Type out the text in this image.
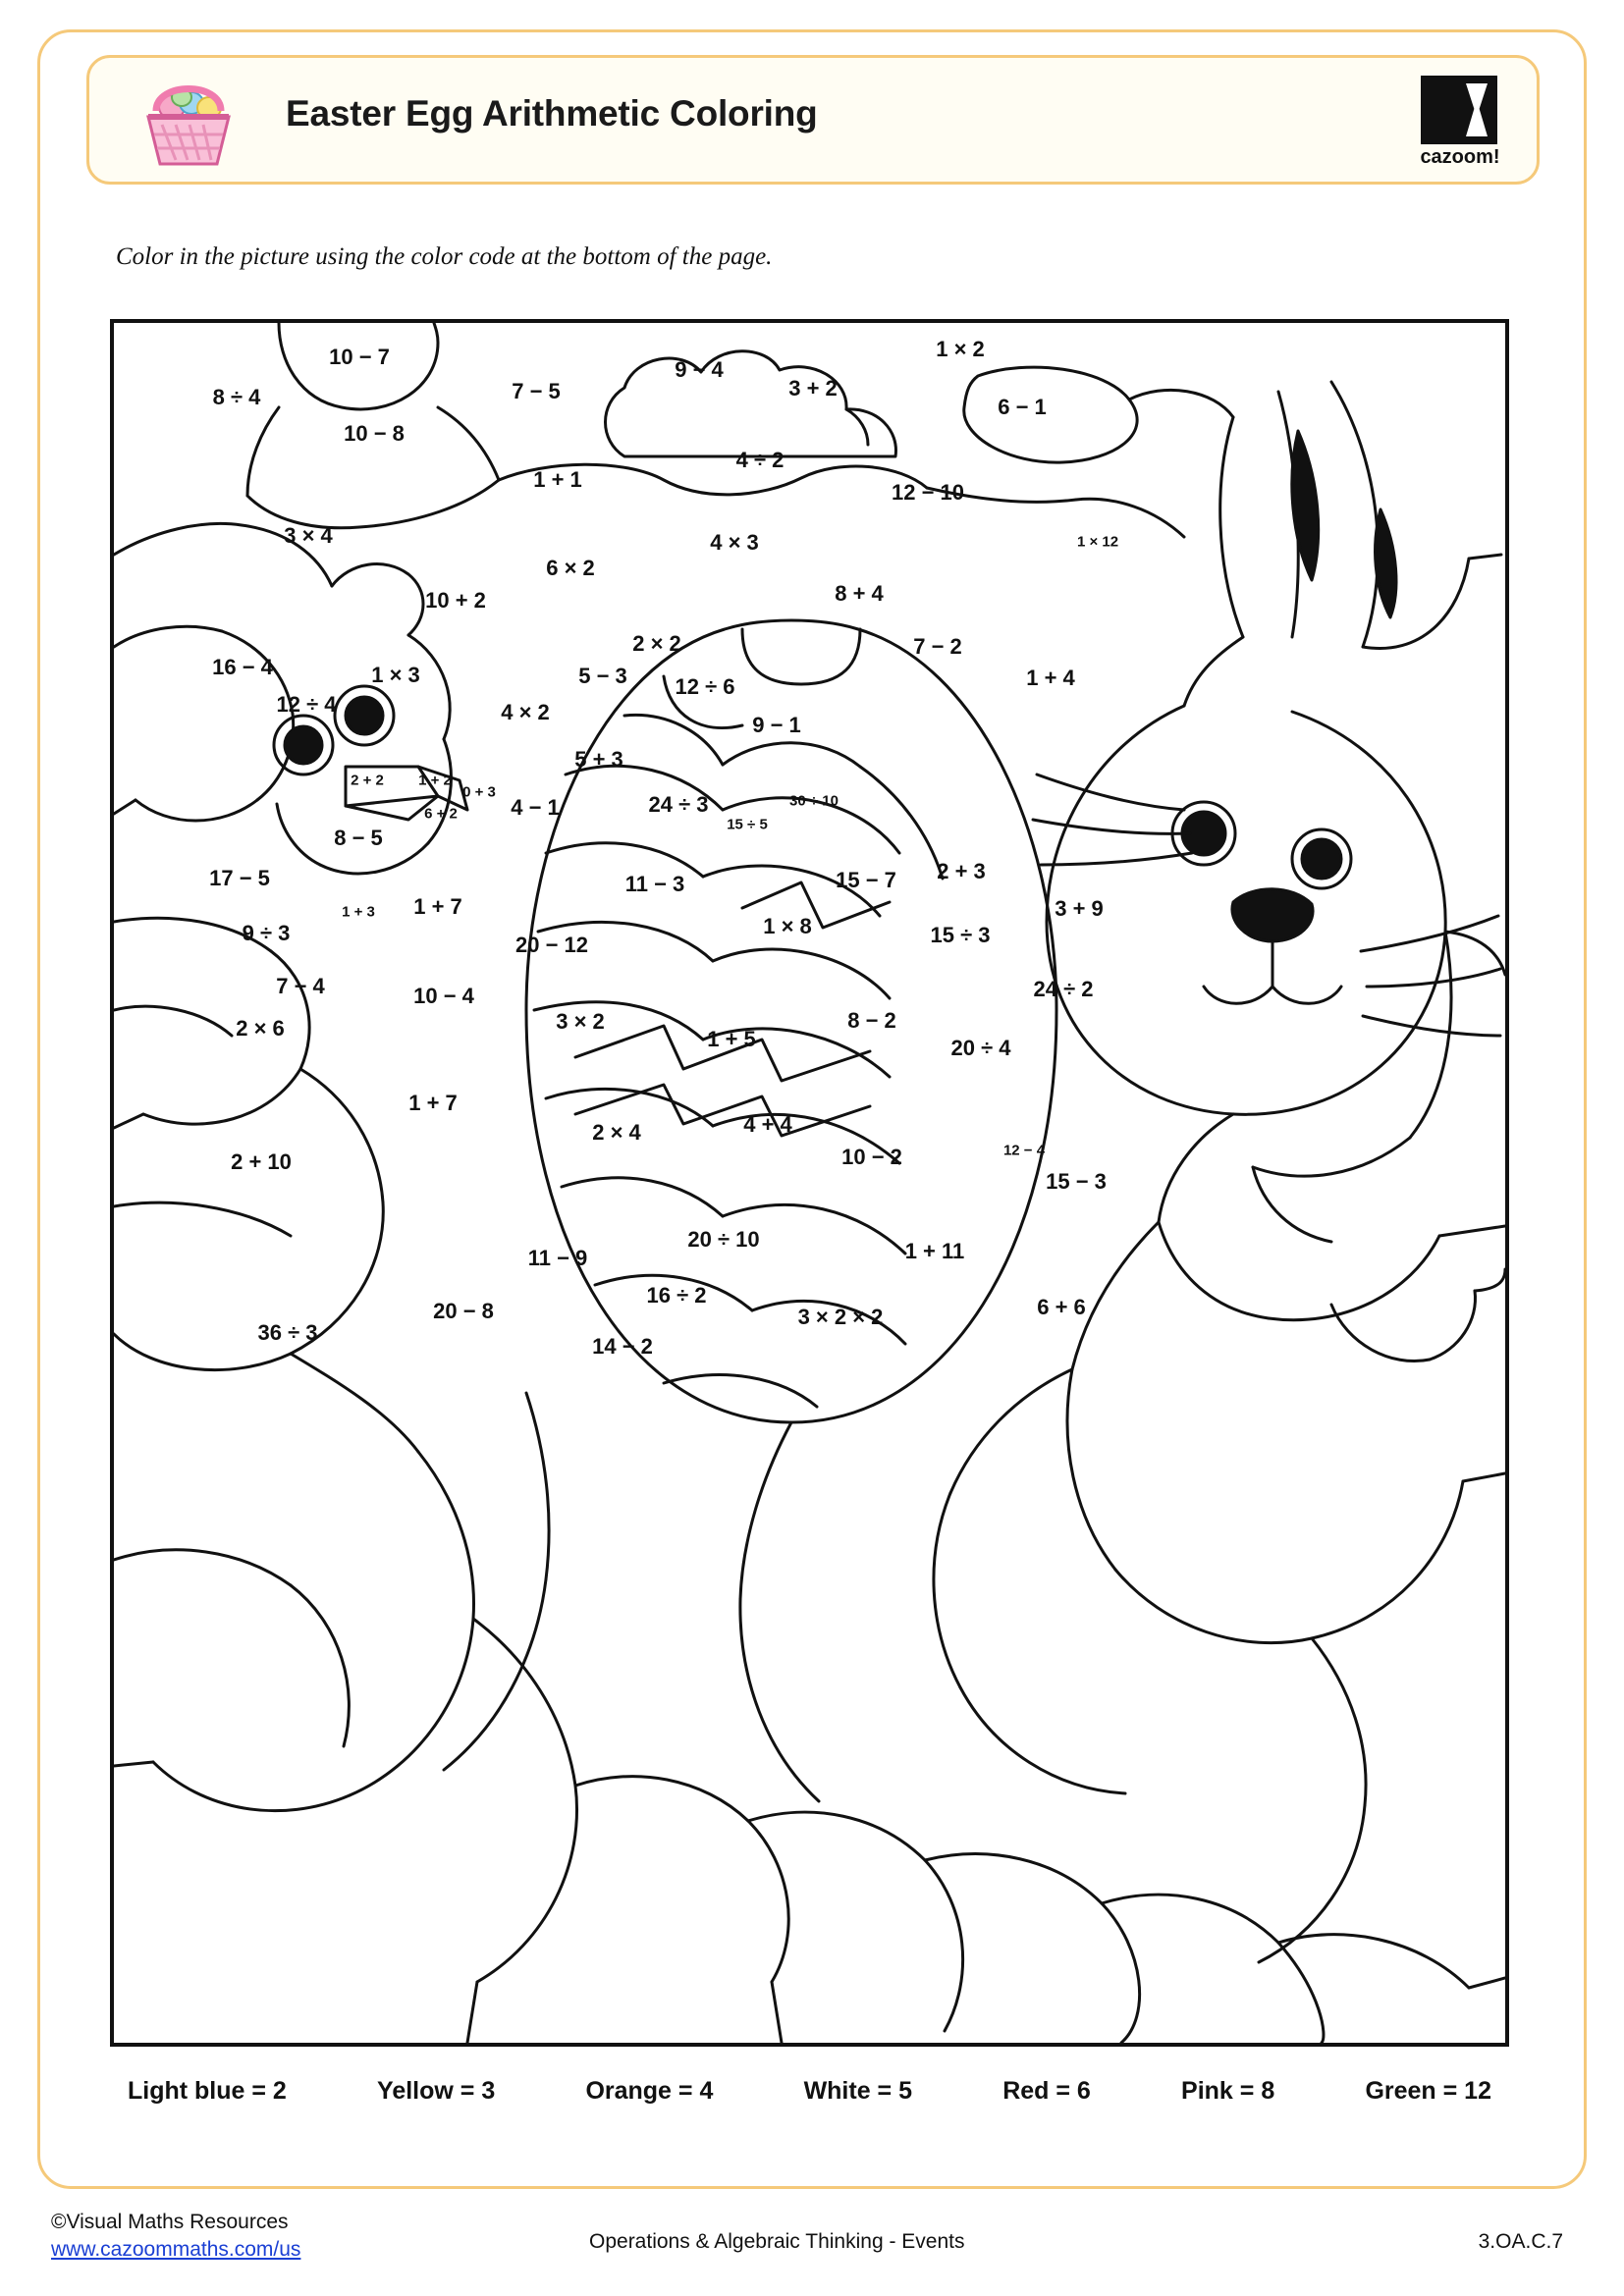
Easter Egg Arithmetic Coloring
cazoom!
Color in the picture using the color code at the bottom of the page.
10 − 7
7 − 5
9 − 4
3 + 2
1 × 2
8 ÷ 4	6 − 1
10 − 8
1 + 1
4 ÷ 2
12 − 10
3 × 4	4 × 3	1 × 12
6 × 2
8 + 4
10 + 2
2 × 2	7 − 2
16 − 4	1 × 3	5 − 3 12 ÷ 6	1 + 4
12 ÷ 4	4 × 2
9 − 1
5 + 3
2 + 2 1 + 2
0 + 3	24 ÷ 3	30 ÷ 10
6 + 2 4 − 1
15 ÷ 5
8 − 5
15 − 7 2 + 3
17 − 5	11 − 3
3 + 9
1 + 3 1 + 7
1 × 8	15 ÷ 3
9 ÷ 3	20 − 12
7 − 4	24 ÷ 2
10 − 4
3 × 2	8 − 2
1 + 5
2 × 6
20 ÷ 4
1 + 7
2 × 4	4 + 4
10 − 2	12 − 4
2 + 10
15 − 3
20 ÷ 10	1 + 11
11 − 9
16 ÷ 2	6 + 6
20 − 8	3 × 2 × 2
36 ÷ 3
14 − 2
Light blue = 2	Yellow = 3	Orange = 4	White = 5	Red = 6	Pink = 8	Green = 12
©Visual Maths Resources
www.cazoommaths.com/us	Operations & Algebraic Thinking - Events	3.OA.C.7
